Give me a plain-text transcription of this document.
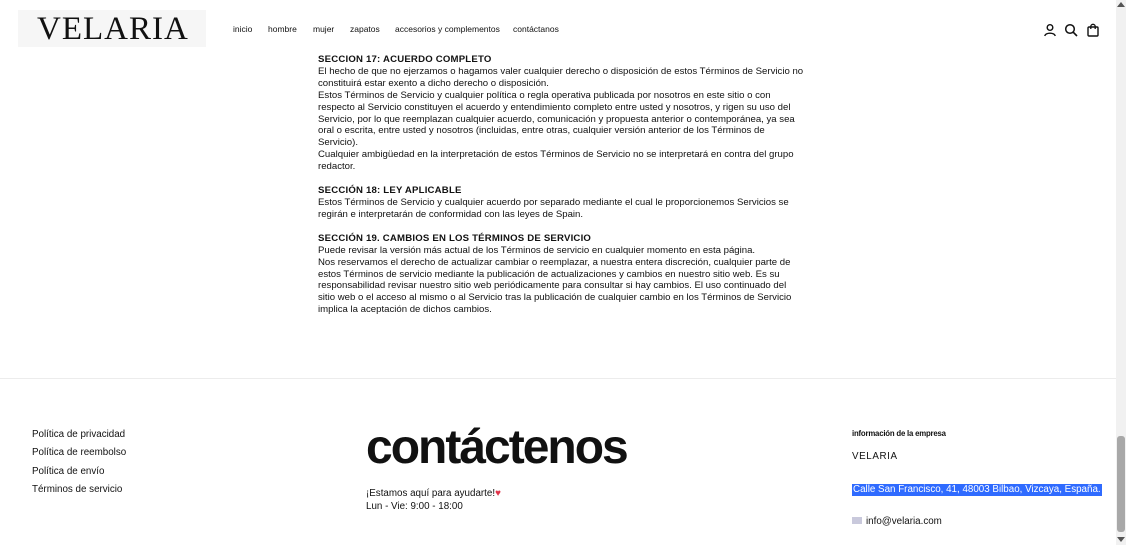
VELARIA	inicio hombre mujer zapatos accesorios y complementos contáctanos
SECCION 17: ACUERDO COMPLETO

El hecho de que no ejerzamos o hagamos valer cualquier derecho o disposición de estos Términos de Servicio no constituirá estar exento a dicho derecho o disposición.

Estos Términos de Servicio y cualquier política o regla operativa publicada por nosotros en este sitio o con respecto al Servicio constituyen el acuerdo y entendimiento completo entre usted y nosotros, y rigen su uso del Servicio, por lo que reemplazan cualquier acuerdo, comunicación y propuesta anterior o contemporánea, ya sea oral o escrita, entre usted y nosotros (incluidas, entre otras, cualquier versión anterior de los Términos de Servicio).

Cualquier ambigüedad en la interpretación de estos Términos de Servicio no se interpretará en contra del grupo redactor.

SECCIÓN 18: LEY APLICABLE

Estos Términos de Servicio y cualquier acuerdo por separado mediante el cual le proporcionemos Servicios se regirán e interpretarán de conformidad con las leyes de Spain.

SECCIÓN 19. CAMBIOS EN LOS TÉRMINOS DE SERVICIO

Puede revisar la versión más actual de los Términos de servicio en cualquier momento en esta página.

Nos reservamos el derecho de actualizar cambiar o reemplazar, a nuestra entera discreción, cualquier parte de estos Términos de servicio mediante la publicación de actualizaciones y cambios en nuestro sitio web. Es su responsabilidad revisar nuestro sitio web periódicamente para consultar si hay cambios. El uso continuado del sitio web o el acceso al mismo o al Servicio tras la publicación de cualquier cambio en los Términos de Servicio implica la aceptación de dichos cambios.

Política de privacidad
Política de reembolso
Política de envío
Términos de servicio
contáctenos
¡Estamos aquí para ayudarte!♥
Lun - Vie: 9:00 - 18:00
información de la empresa
VELARIA
Calle San Francisco, 41, 48003 Bilbao, Vizcaya, España.
info@velaria.com
